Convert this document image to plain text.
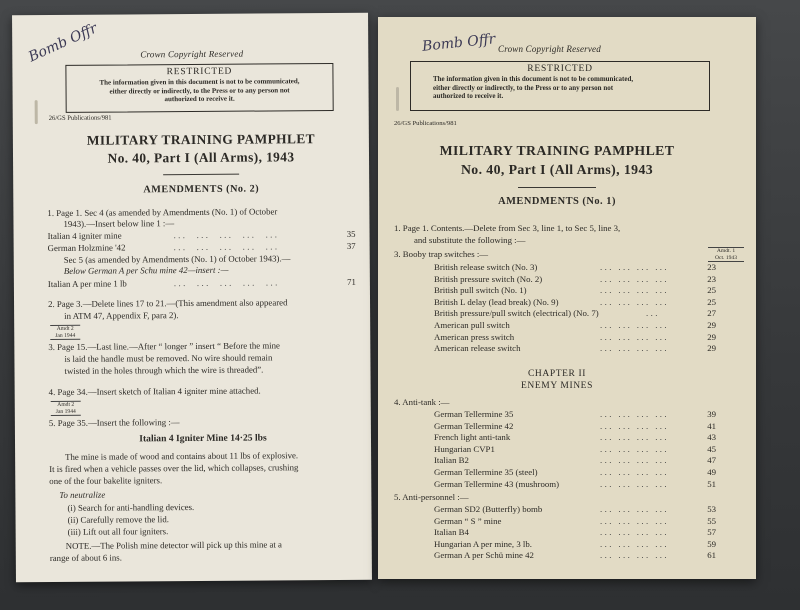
Bomb Offr	Crown Copyright Reserved
RESTRICTED
The information given in this document is not to be communicated,
either directly or indirectly, to the Press or to any person not
authorized to receive it.
26/GS Publications/981
MILITARY TRAINING PAMPHLET
No. 40, Part I (All Arms), 1943
AMENDMENTS (No. 2)
1. Page 1. Sec 4 (as amended by Amendments (No. 1) of October
1943).—Insert below line 1 :—
Italian 4 igniter mine	...  ...  ...  ...  ...	35
German Holzmine '42	...  ...  ...  ...  ...	37
Sec 5 (as amended by Amendments (No. 1) of October 1943).—
Below German A per Schu mine 42—insert :—
Italian A per mine 1 lb	...  ...  ...  ...  ...	71
2. Page 3.—Delete lines 17 to 21.—(This amendment also appeared
in ATM 47, Appendix F, para 2).
Amdt 2
Jan 1944
3. Page 15.—Last line.—After “ longer ” insert “ Before the mine
is laid the handle must be removed. No wire should remain
twisted in the holes through which the wire is threaded”.
4. Page 34.—Insert sketch of Italian 4 igniter mine attached.
Amdt 2
Jan 1944
5. Page 35.—Insert the following :—
Italian 4 Igniter Mine 14·25 lbs
The mine is made of wood and contains about 11 lbs of explosive.
It is fired when a vehicle passes over the lid, which collapses, crushing
one of the four bakelite igniters.
To neutralize
(i) Search for anti-handling devices.
(ii) Carefully remove the lid.
(iii) Lift out all four igniters.
NOTE.—The Polish mine detector will pick up this mine at a
range of about 6 ins.
Bomb Offr Crown Copyright Reserved
RESTRICTED
The information given in this document is not to be communicated,
either directly or indirectly, to the Press or to any person not
authorized to receive it.
26/GS Publications/981
MILITARY TRAINING PAMPHLET
No. 40, Part I (All Arms), 1943
AMENDMENTS (No. 1)
1. Page 1. Contents.—Delete from Sec 3, line 1, to Sec 5, line 3,
and substitute the following :—
3. Booby trap switches :—	Amdt. 1
Oct. 1943
British release switch (No. 3)	... ... ... ...	23
British pressure switch (No. 2)	... ... ... ...	23
British pull switch (No. 1)	... ... ... ...	25
British L delay (lead break) (No. 9)	... ... ... ...	25
British pressure/pull switch (electrical) (No. 7)	...	27
American pull switch	... ... ... ...	29
American press switch	... ... ... ...	29
American release switch	... ... ... ...	29
CHAPTER II
ENEMY MINES
4. Anti-tank :—
German Tellermine 35	... ... ... ...	39
German Tellermine 42	... ... ... ...	41
French light anti-tank	... ... ... ...	43
Hungarian CVP1	... ... ... ...	45
Italian B2	... ... ... ...	47
German Tellermine 35 (steel)	... ... ... ...	49
German Tellermine 43 (mushroom)	... ... ... ...	51
5. Anti-personnel :—
German SD2 (Butterfly) bomb	... ... ... ...	53
German “ S ” mine	... ... ... ...	55
Italian B4	... ... ... ...	57
Hungarian A per mine, 3 lb.	... ... ... ...	59
German A per Schü mine 42	... ... ... ...	61
